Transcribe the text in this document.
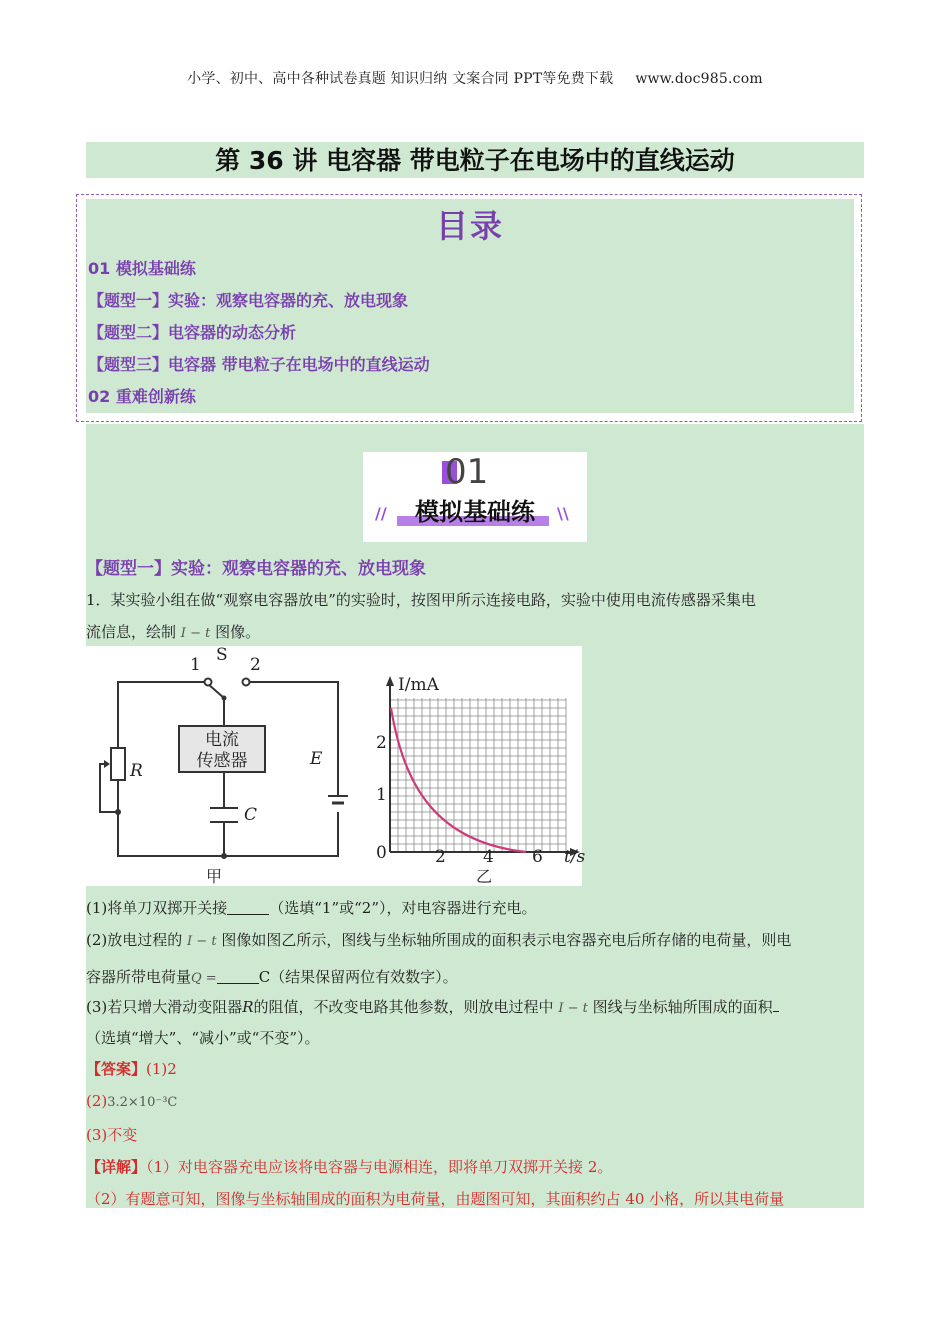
小学、初中、高中各种试卷真题 知识归纳 文案合同 PPT等免费下载 www.doc985.com
第 36 讲 电容器 带电粒子在电场中的直线运动
目录
01 模拟基础练
【题型一】实验：观察电容器的充、放电现象
【题型二】电容器的动态分析
【题型三】电容器 带电粒子在电场中的直线运动
02 重难创新练
01
模拟基础练
//	\\
【题型一】实验：观察电容器的充、放电现象
1．某实验小组在做“观察电容器放电”的实验时，按图甲所示连接电路，实验中使用电流传感器采集电
流信息，绘制 I − t 图像。
电流
传感器
1 S 2
R
C
E
甲
I/mA
t/s
2
1
0	2 4 6
乙
(1)将单刀双掷开关接	（选填“1”或“2”），对电容器进行充电。
(2)放电过程的 I − t 图像如图乙所示，图线与坐标轴所围成的面积表示电容器充电后所存储的电荷量，则电
容器所带电荷量Q =	C（结果保留两位有效数字）。
(3)若只增大滑动变阻器R的阻值，不改变电路其他参数，则放电过程中 I − t 图线与坐标轴所围成的面积
（选填“增大”、“减小”或“不变”）。
【答案】(1)2
(2)3.2×10⁻³C
(3)不变
【详解】（1）对电容器充电应该将电容器与电源相连，即将单刀双掷开关接 2。
（2）有题意可知，图像与坐标轴围成的面积为电荷量，由题图可知，其面积约占 40 小格，所以其电荷量
